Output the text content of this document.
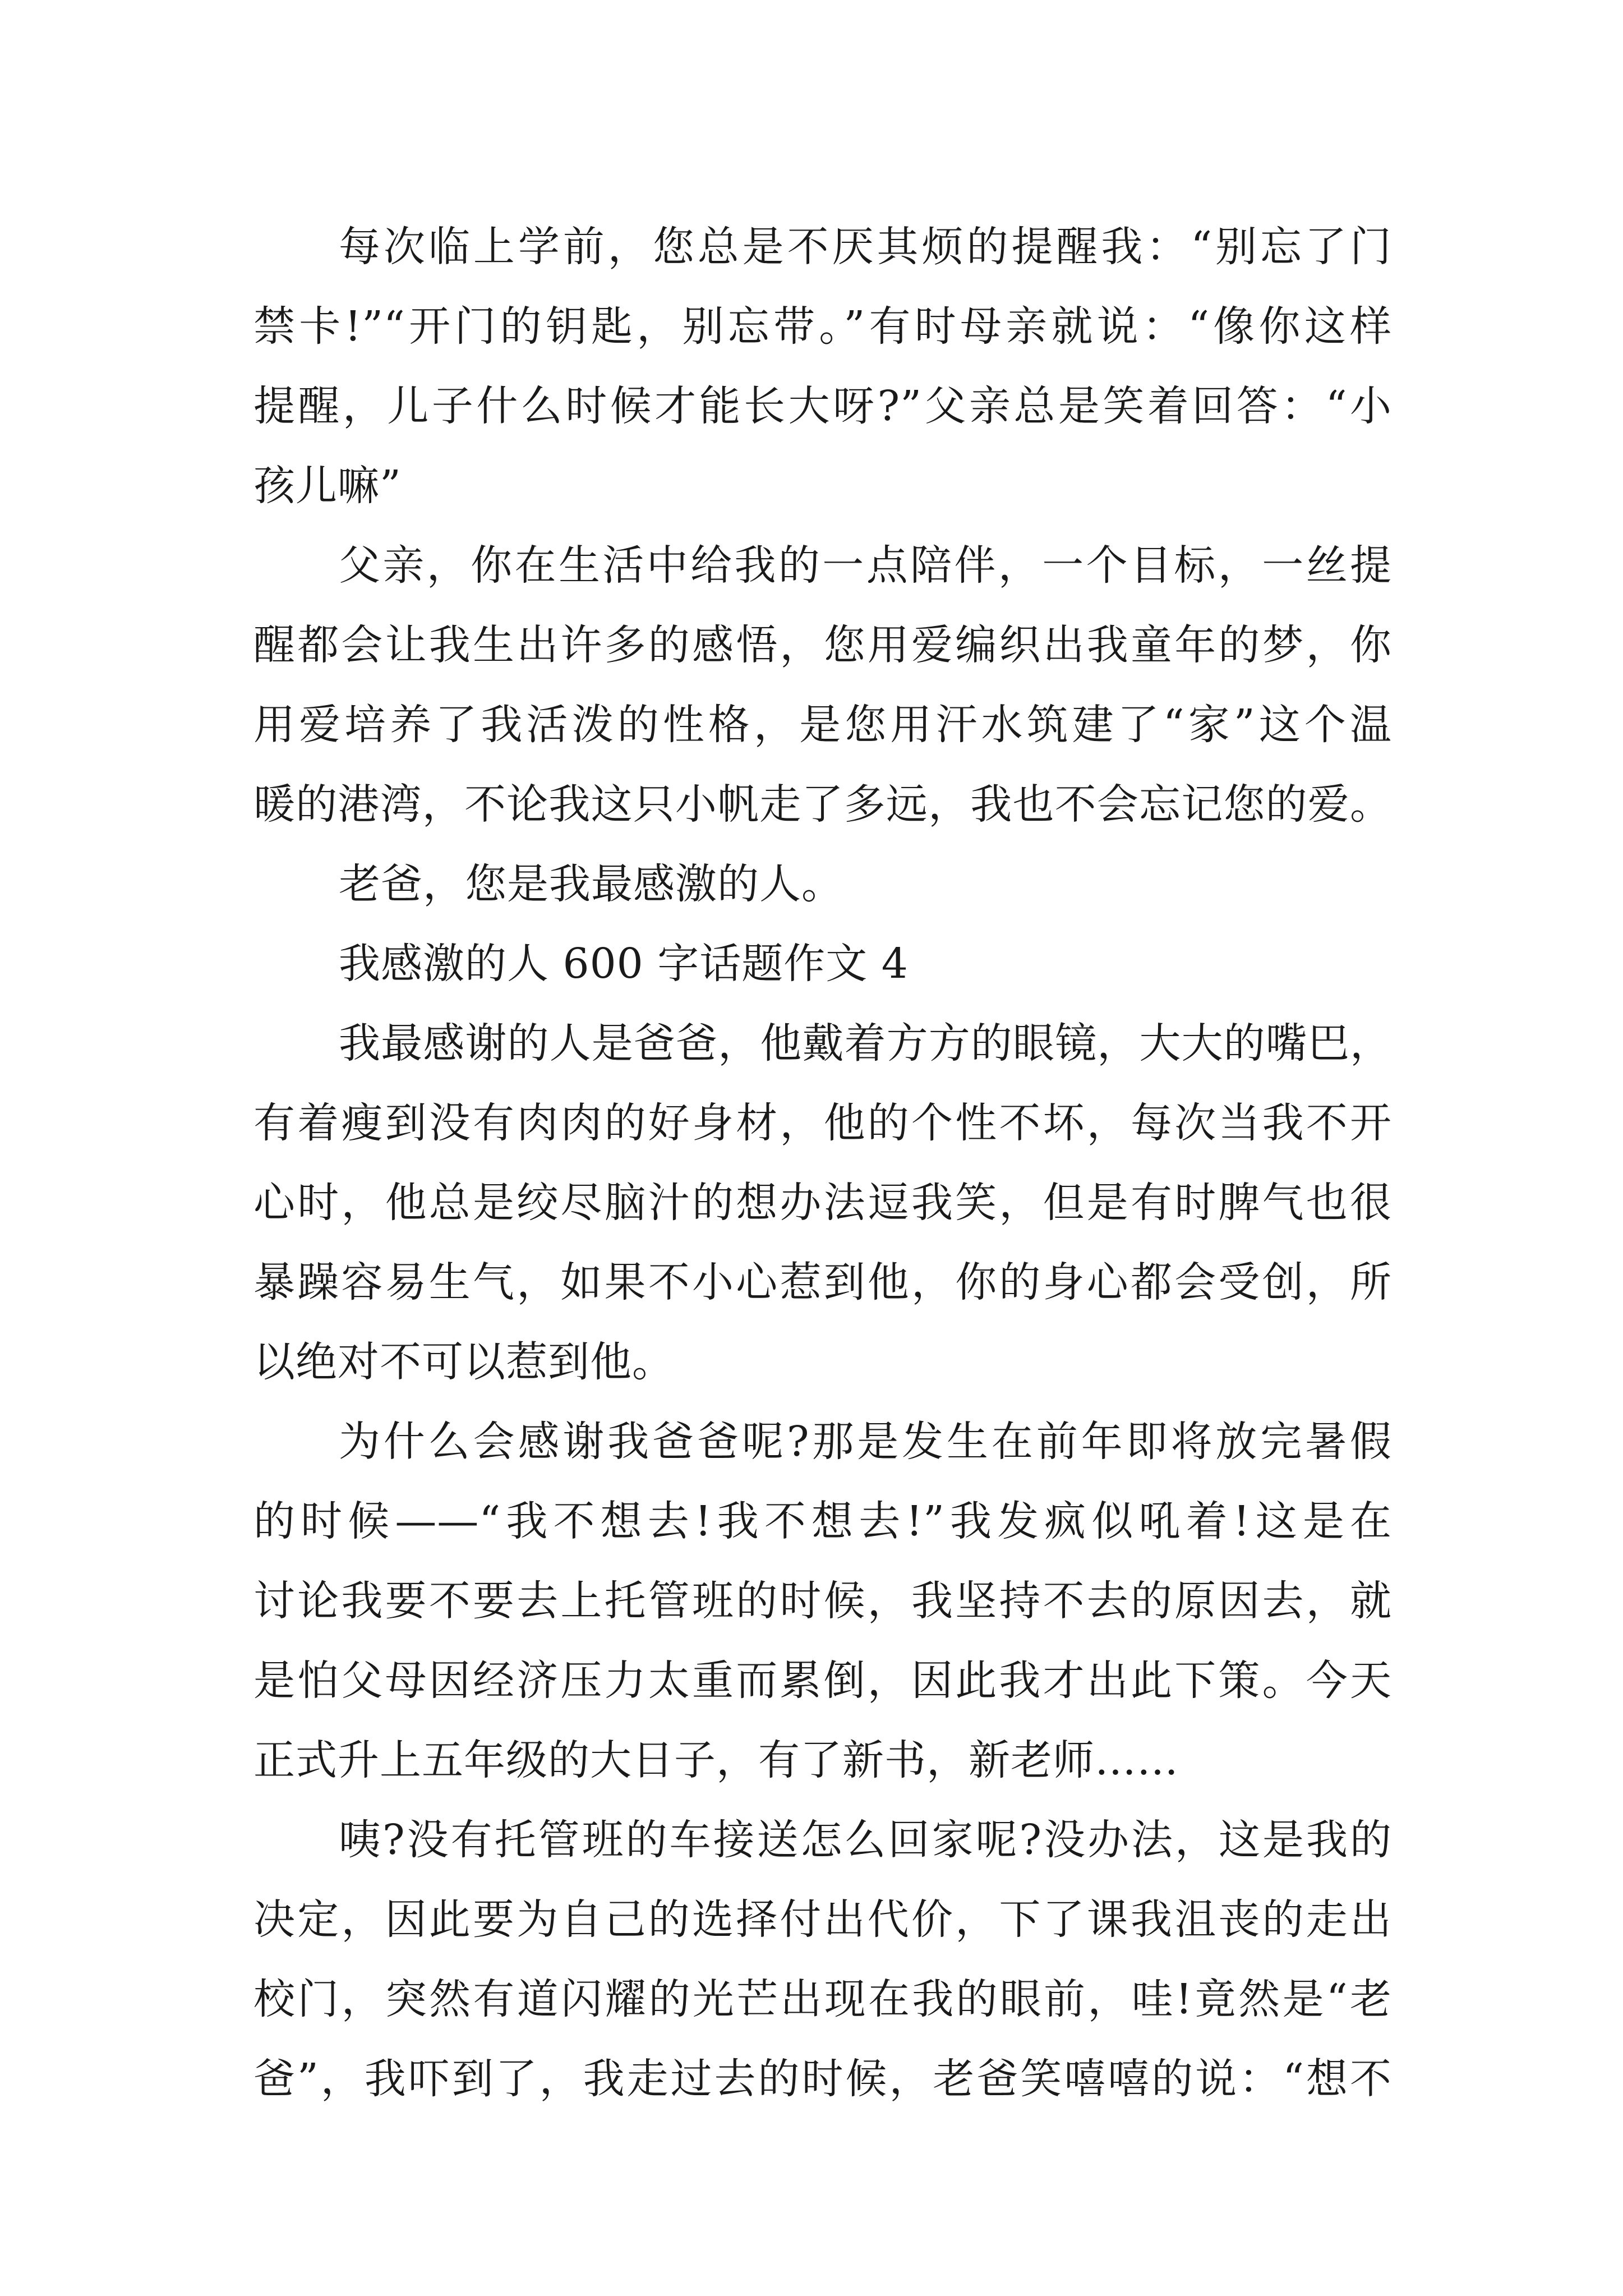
每次临上学前，您总是不厌其烦的提醒我：“别忘了门
禁卡!”“开门的钥匙，别忘带。”有时母亲就说：“像你这样
提醒，儿子什么时候才能长大呀?”父亲总是笑着回答：“小
孩儿嘛”
父亲，你在生活中给我的一点陪伴，一个目标，一丝提
醒都会让我生出许多的感悟，您用爱编织出我童年的梦，你
用爱培养了我活泼的性格，是您用汗水筑建了“家”这个温
暖的港湾，不论我这只小帆走了多远，我也不会忘记您的爱。
老爸，您是我最感激的人。
我感激的人 600 字话题作文 4
我最感谢的人是爸爸，他戴着方方的眼镜，大大的嘴巴，
有着瘦到没有肉肉的好身材，他的个性不坏，每次当我不开
心时，他总是绞尽脑汁的想办法逗我笑，但是有时脾气也很
暴躁容易生气，如果不小心惹到他，你的身心都会受创，所
以绝对不可以惹到他。
为什么会感谢我爸爸呢?那是发生在前年即将放完暑假
的时候——“我不想去!我不想去!”我发疯似吼着!这是在
讨论我要不要去上托管班的时候，我坚持不去的原因去，就
是怕父母因经济压力太重而累倒，因此我才出此下策。今天
正式升上五年级的大日子，有了新书，新老师……
咦?没有托管班的车接送怎么回家呢?没办法，这是我的
决定，因此要为自己的选择付出代价，下了课我沮丧的走出
校门，突然有道闪耀的光芒出现在我的眼前，哇!竟然是“老
爸”，我吓到了，我走过去的时候，老爸笑嘻嘻的说：“想不
